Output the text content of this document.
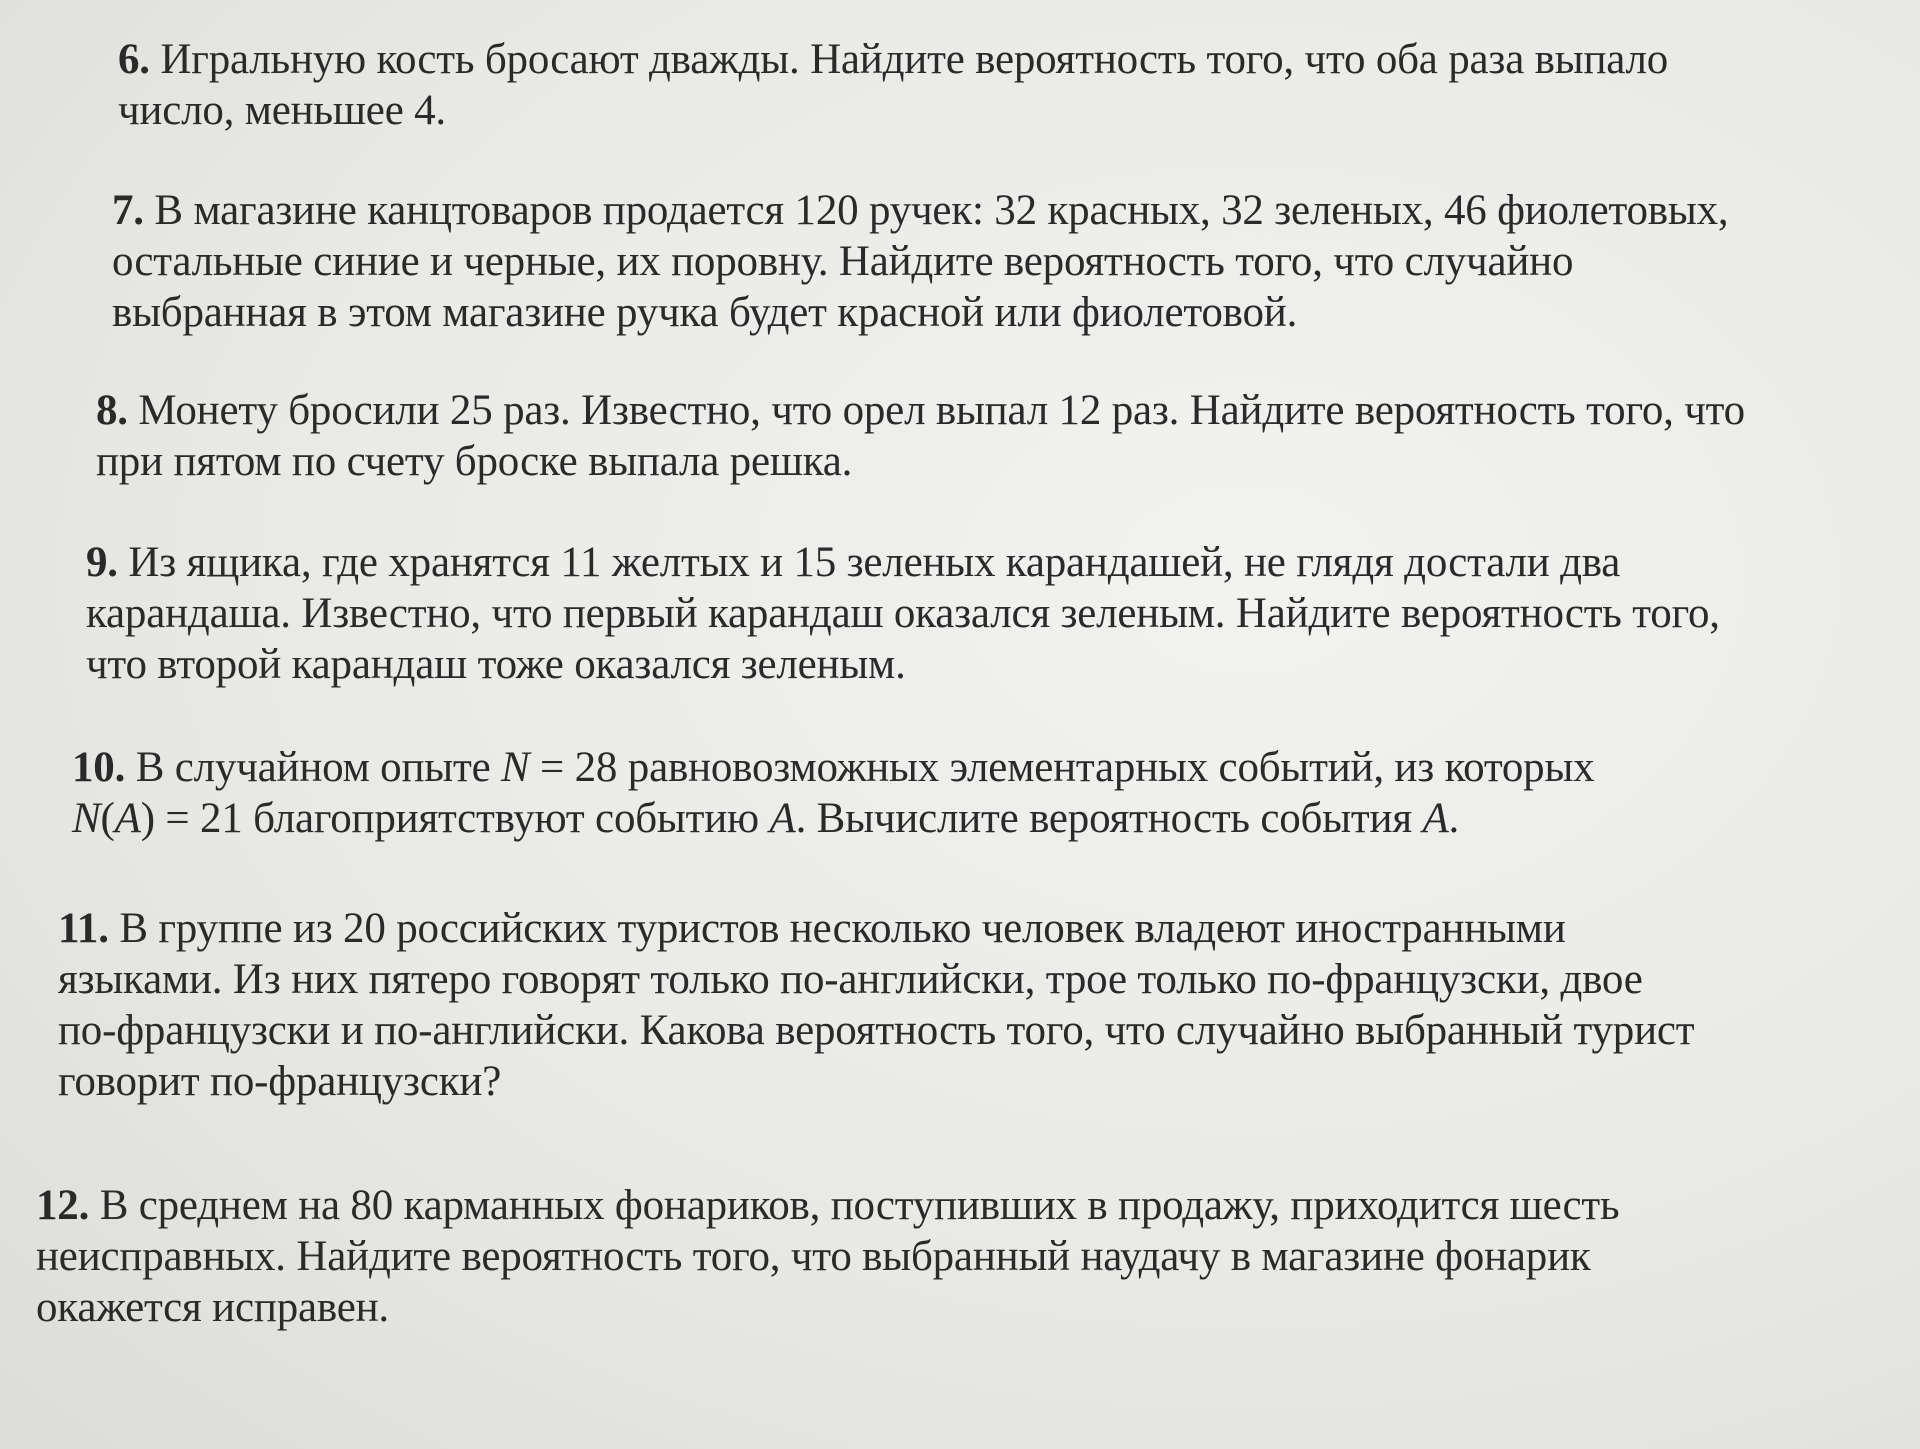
6. Игральную кость бросают дважды. Найдите вероятность того, что оба раза выпало
число, меньшее 4.
7. В магазине канцтоваров продается 120 ручек: 32 красных, 32 зеленых, 46 фиолетовых,
остальные синие и черные, их поровну. Найдите вероятность того, что случайно
выбранная в этом магазине ручка будет красной или фиолетовой.
8. Монету бросили 25 раз. Известно, что орел выпал 12 раз. Найдите вероятность того, что
при пятом по счету броске выпала решка.
9. Из ящика, где хранятся 11 желтых и 15 зеленых карандашей, не глядя достали два
карандаша. Известно, что первый карандаш оказался зеленым. Найдите вероятность того,
что второй карандаш тоже оказался зеленым.
10. В случайном опыте N = 28 равновозможных элементарных событий, из которых
N(A) = 21 благоприятствуют событию A. Вычислите вероятность события A.
11. В группе из 20 российских туристов несколько человек владеют иностранными
языками. Из них пятеро говорят только по-английски, трое только по-французски, двое
по-французски и по-английски. Какова вероятность того, что случайно выбранный турист
говорит по-французски?
12. В среднем на 80 карманных фонариков, поступивших в продажу, приходится шесть
неисправных. Найдите вероятность того, что выбранный наудачу в магазине фонарик
окажется исправен.
